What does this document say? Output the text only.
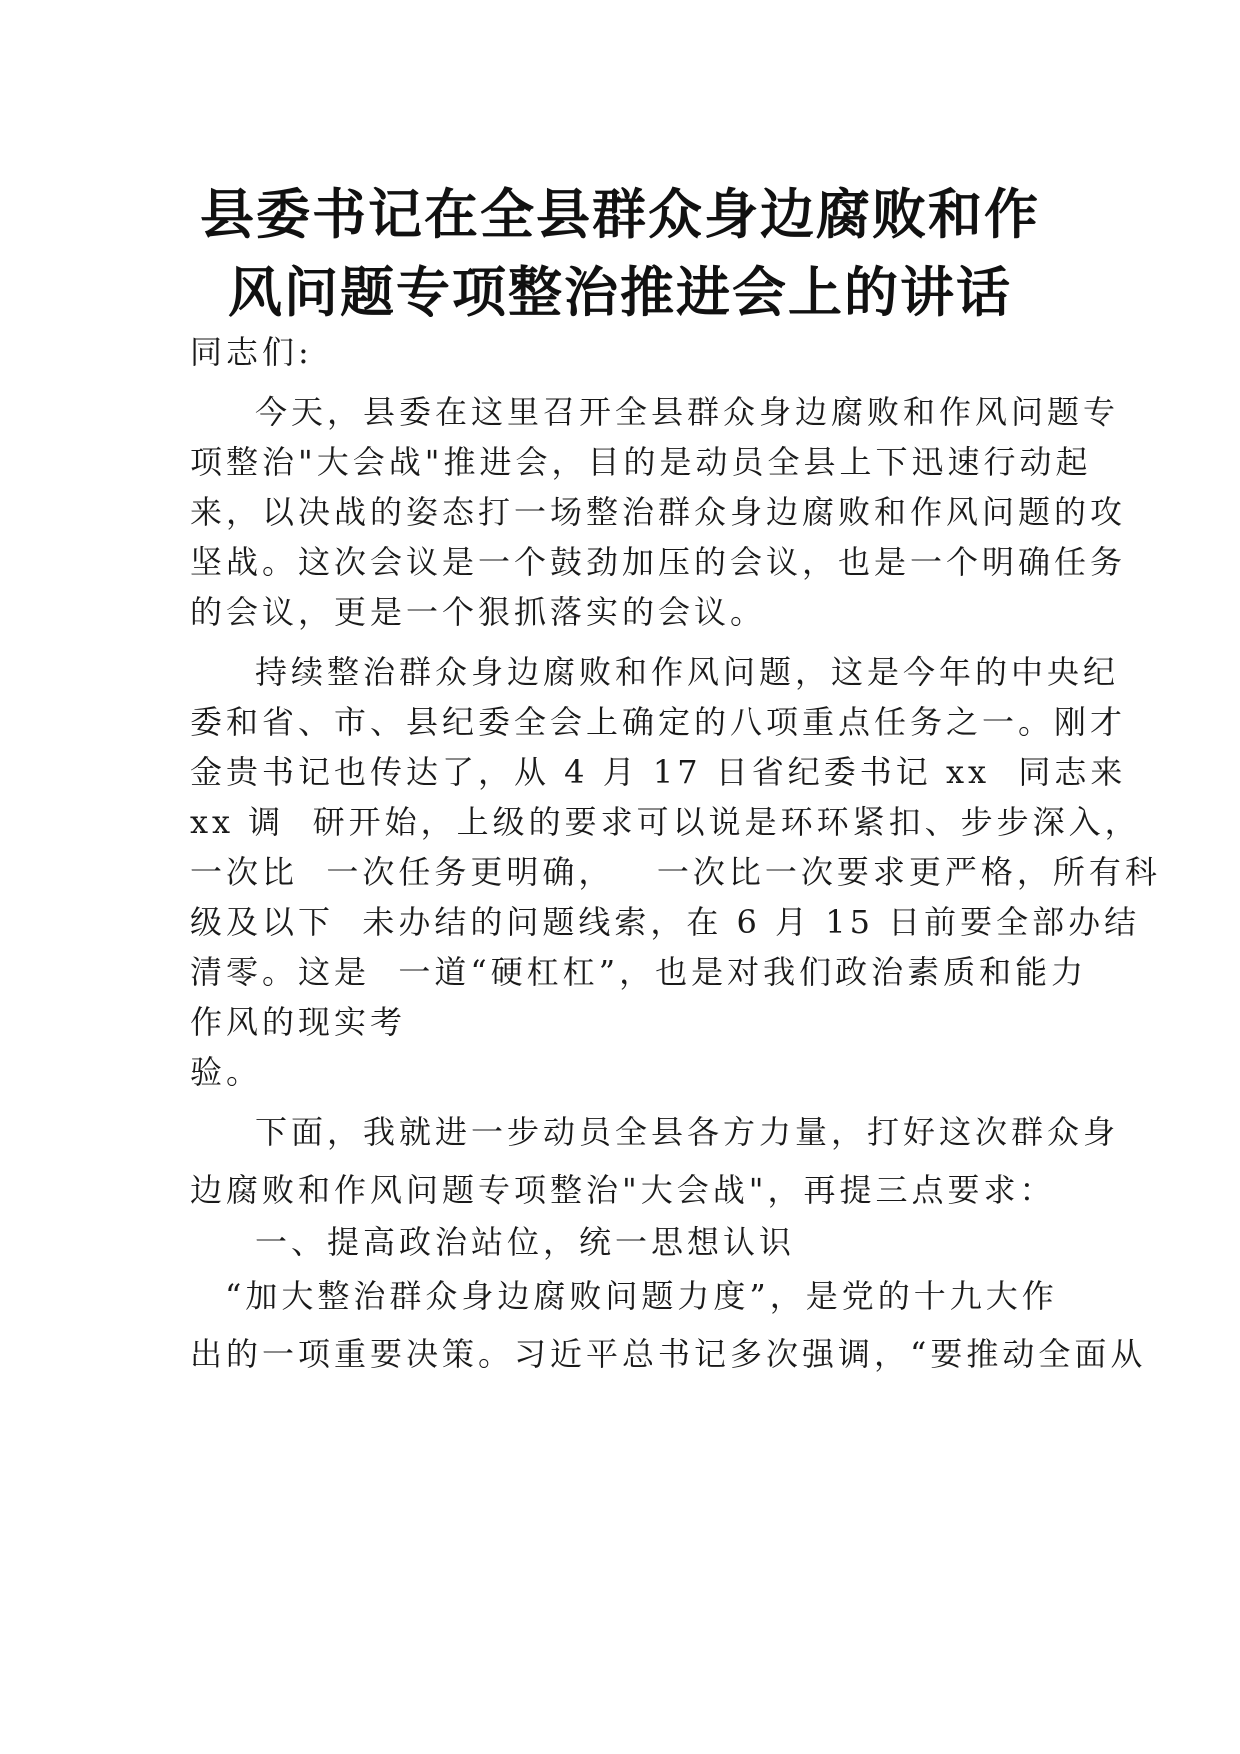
县委书记在全县群众身边腐败和作
风问题专项整治推进会上的讲话
同志们:
今天，县委在这里召开全县群众身边腐败和作风问题专
项整治"大会战"推进会，目的是动员全县上下迅速行动起
来，以决战的姿态打一场整治群众身边腐败和作风问题的攻
坚战。这次会议是一个鼓劲加压的会议，也是一个明确任务
的会议，更是一个狠抓落实的会议。
持续整治群众身边腐败和作风问题，这是今年的中央纪
委和省、市、县纪委全会上确定的八项重点任务之一。刚才
金贵书记也传达了，从 4 月 17 日省纪委书记 xx  同志来
xx 调  研开始，上级的要求可以说是环环紧扣、步步深入，
一次比  一次任务更明确，   一次比一次要求更严格，所有科
级及以下  未办结的问题线索，在 6 月 15 日前要全部办结
清零。这是  一道“硬杠杠”，也是对我们政治素质和能力
作风的现实考
验。
下面，我就进一步动员全县各方力量，打好这次群众身
边腐败和作风问题专项整治"大会战"，再提三点要求：
一、提高政治站位，统一思想认识
“加大整治群众身边腐败问题力度”，是党的十九大作
出的一项重要决策。习近平总书记多次强调，“要推动全面从
